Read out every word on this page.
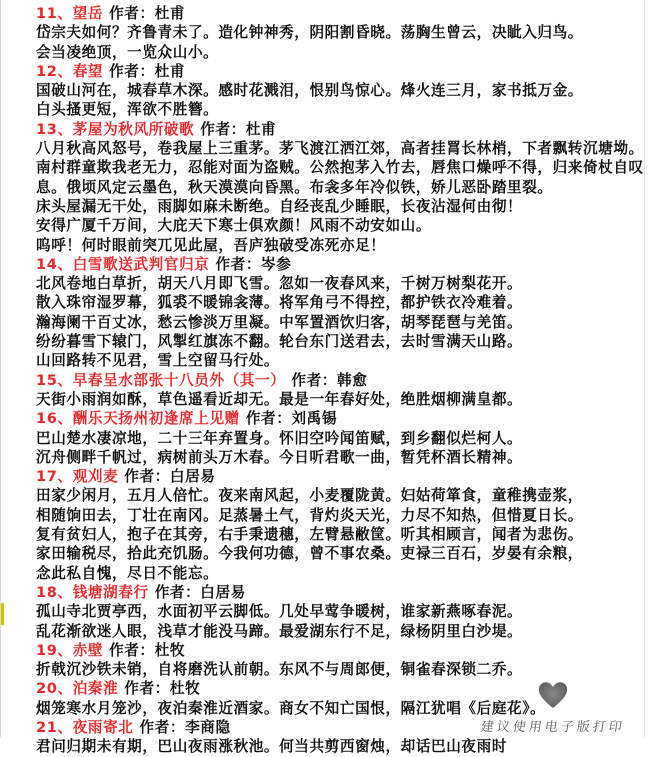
11、望岳 作者：杜甫
岱宗夫如何？齐鲁青未了。造化钟神秀，阴阳割昏晓。荡胸生曾云，决眦入归鸟。
会当凌绝顶，一览众山小。
12、春望 作者：杜甫
国破山河在，城春草木深。感时花溅泪，恨别鸟惊心。烽火连三月，家书抵万金。
白头搔更短，浑欲不胜簪。
13、茅屋为秋风所破歌 作者：杜甫
八月秋高风怒号，卷我屋上三重茅。茅飞渡江洒江郊，高者挂罥长林梢，下者飘转沉塘坳。
南村群童欺我老无力，忍能对面为盗贼。公然抱茅入竹去，唇焦口燥呼不得，归来倚杖自叹
息。俄顷风定云墨色，秋天漠漠向昏黑。布衾多年冷似铁，娇儿恶卧踏里裂。
床头屋漏无干处，雨脚如麻未断绝。自经丧乱少睡眠，长夜沾湿何由彻！
安得广厦千万间，大庇天下寒士俱欢颜！风雨不动安如山。
呜呼！何时眼前突兀见此屋，吾庐独破受冻死亦足！
14、白雪歌送武判官归京 作者：岑参
北风卷地白草折，胡天八月即飞雪。忽如一夜春风来，千树万树梨花开。
散入珠帘湿罗幕，狐裘不暖锦衾薄。将军角弓不得控，都护铁衣冷难着。
瀚海阑干百丈冰，愁云惨淡万里凝。中军置酒饮归客，胡琴琵琶与羌笛。
纷纷暮雪下辕门，风掣红旗冻不翻。轮台东门送君去，去时雪满天山路。
山回路转不见君，雪上空留马行处。
15、早春呈水部张十八员外（其一） 作者：韩愈
天街小雨润如酥，草色遥看近却无。最是一年春好处，绝胜烟柳满皇都。
16、酬乐天扬州初逢席上见赠 作者：刘禹锡
巴山楚水凄凉地，二十三年弃置身。怀旧空吟闻笛赋，到乡翻似烂柯人。
沉舟侧畔千帆过，病树前头万木春。今日听君歌一曲，暂凭杯酒长精神。
17、观刈麦 作者：白居易
田家少闲月，五月人倍忙。夜来南风起，小麦覆陇黄。妇姑荷箪食，童稚携壶浆，
相随饷田去，丁壮在南冈。足蒸暑土气，背灼炎天光，力尽不知热，但惜夏日长。
复有贫妇人，抱子在其旁，右手秉遗穗，左臂悬敝筐。听其相顾言，闻者为悲伤。
家田输税尽，拾此充饥肠。今我何功德，曾不事农桑。吏禄三百石，岁晏有余粮，
念此私自愧，尽日不能忘。
18、钱塘湖春行 作者：白居易
孤山寺北贾亭西，水面初平云脚低。几处早莺争暖树，谁家新燕啄春泥。
乱花渐欲迷人眼，浅草才能没马蹄。最爱湖东行不足，绿杨阴里白沙堤。
19、赤壁 作者：杜牧
折戟沉沙铁未销，自将磨洗认前朝。东风不与周郎便，铜雀春深锁二乔。
20、泊秦淮 作者：杜牧
烟笼寒水月笼沙，夜泊秦淮近酒家。商女不知亡国恨，隔江犹唱《后庭花》。
21、夜雨寄北 作者：李商隐
君问归期未有期，巴山夜雨涨秋池。何当共剪西窗烛，却话巴山夜雨时
建议使用电子版打印
